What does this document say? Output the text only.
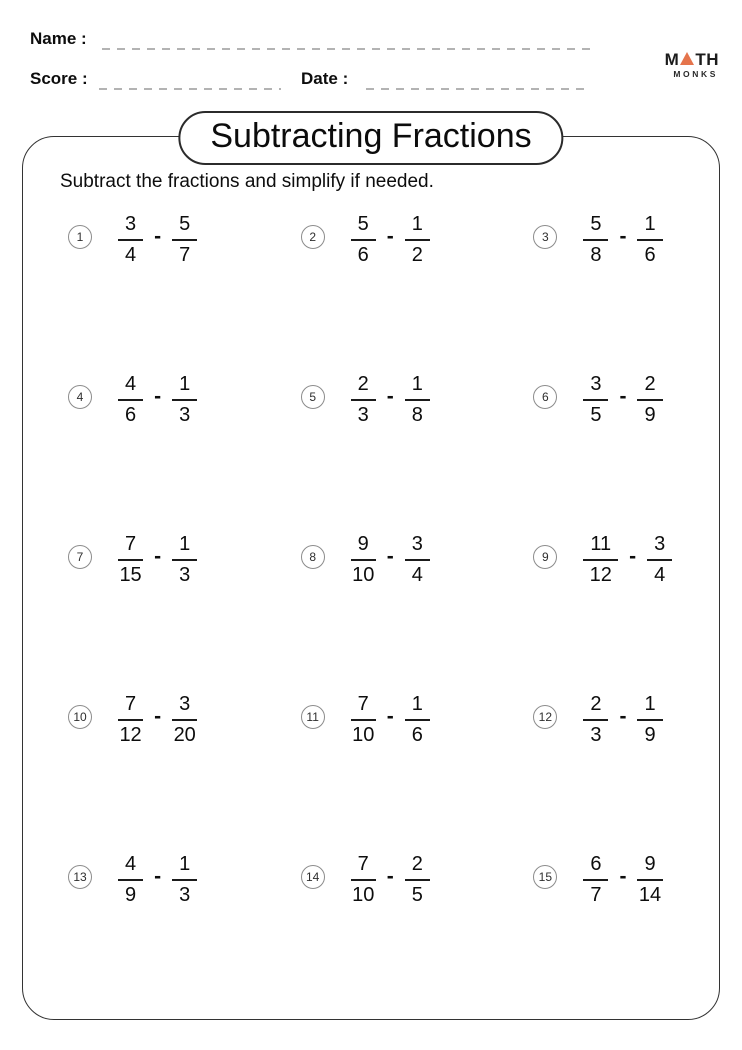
Name :
Score :	Date :
M TH
MONKS
Subtracting Fractions
Subtract the fractions and simplify if needed.
1	$\frac{3}{4} - \frac{5}{7}$	2	$\frac{5}{6} - \frac{1}{2}$	3	$\frac{5}{8} - \frac{1}{6}$
4	$\frac{4}{6} - \frac{1}{3}$	5	$\frac{2}{3} - \frac{1}{8}$	6	$\frac{3}{5} - \frac{2}{9}$
7	$\frac{7}{15} - \frac{1}{3}$	8	$\frac{9}{10} - \frac{3}{4}$	9	$\frac{11}{12} - \frac{3}{4}$
$10 \frac{7}{12} - \frac{3}{20}$	$11 \frac{7}{10} - \frac{1}{6}$	$12 \frac{2}{3} - \frac{1}{9}$
$13 \frac{4}{9} - \frac{1}{3}$	$14 \frac{7}{10} - \frac{2}{5}$	$15 \frac{6}{7} - \frac{9}{14}$
